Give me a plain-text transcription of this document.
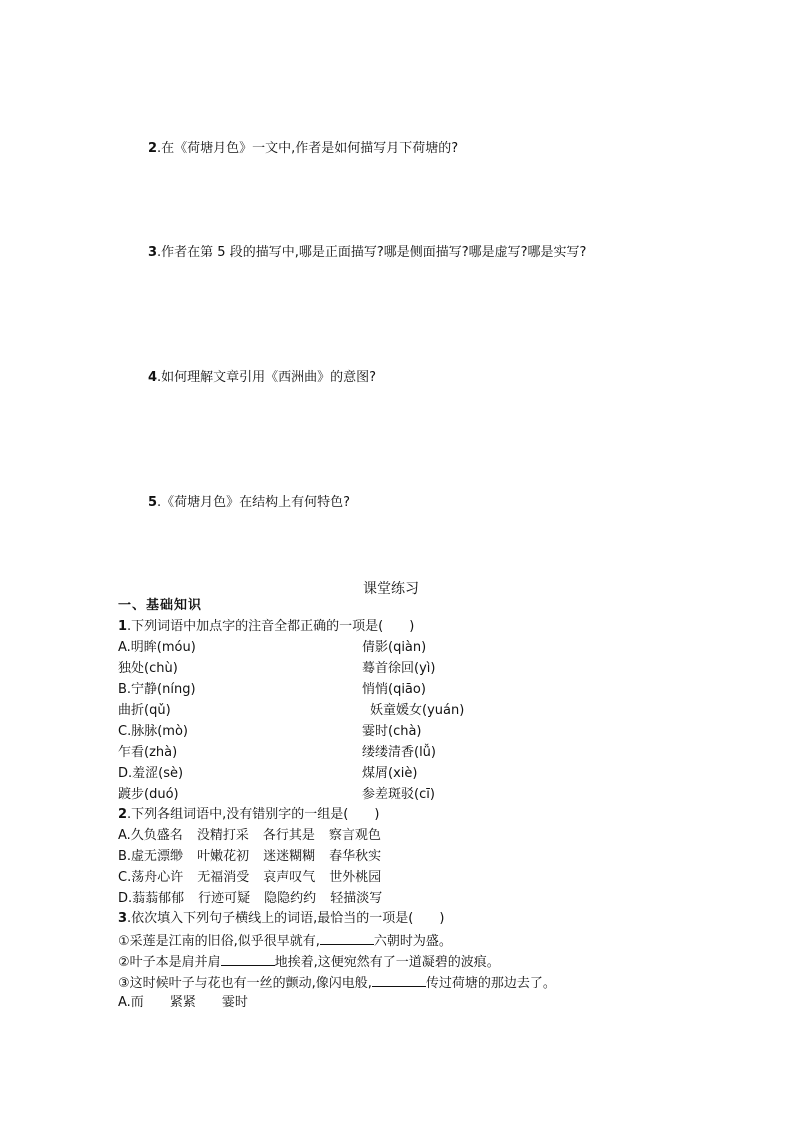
2.在《荷塘月色》一文中,作者是如何描写月下荷塘的?
3.作者在第 5 段的描写中,哪是正面描写?哪是侧面描写?哪是虚写?哪是实写?
4.如何理解文章引用《西洲曲》的意图?
5.《荷塘月色》在结构上有何特色?
课堂练习
一、基础知识
1.下列词语中加点字的注音全都正确的一项是(　　)
A.明眸(móu)	倩影(qiàn)
独处(chù)	蓦首徐回(yì)
B.宁静(níng)	悄悄(qiāo)
曲折(qǔ)	妖童媛女(yuán)
C.脉脉(mò)	霎时(chà)
乍看(zhà)	缕缕清香(lǚ)
D.羞涩(sè)	煤屑(xiè)
踱步(duó)	参差斑驳(cī)
2.下列各组词语中,没有错别字的一组是(　　)
A.久负盛名 没精打采 各行其是 察言观色
B.虚无漂缈 叶嫩花初 迷迷糊糊 春华秋实
C.荡舟心许 无福消受 哀声叹气 世外桃园
D.蓊蓊郁郁 行迹可疑 隐隐约约 轻描淡写
3.依次填入下列句子横线上的词语,最恰当的一项是(　　)
①采莲是江南的旧俗,似乎很早就有,	六朝时为盛。
②叶子本是肩并肩	地挨着,这便宛然有了一道凝碧的波痕。
③这时候叶子与花也有一丝的颤动,像闪电般,	传过荷塘的那边去了。
A.而 紧紧 霎时
